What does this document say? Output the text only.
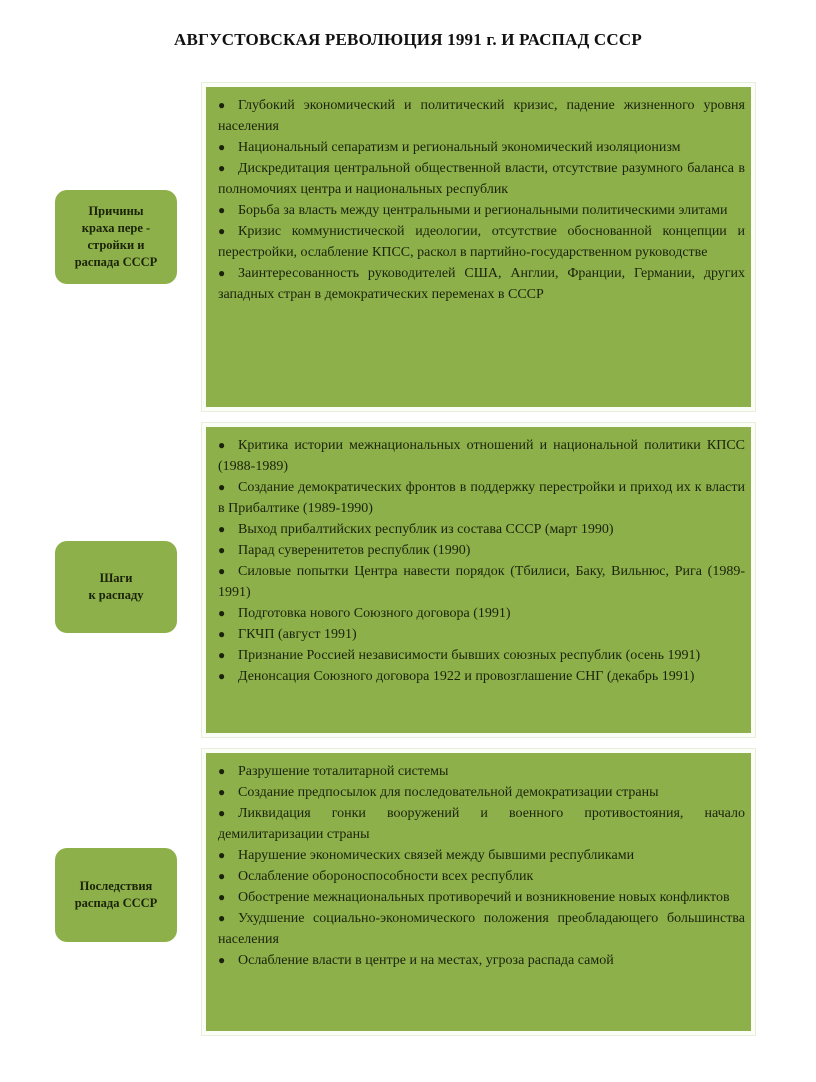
АВГУСТОВСКАЯ РЕВОЛЮЦИЯ 1991 г. И РАСПАД СССР
Причины
краха пере -
стройки и
распада СССР
● Глубокий экономический и политический кризис, падение жизненного уровня населения
● Национальный сепаратизм и региональный экономический изоляционизм
● Дискредитация центральной общественной власти, отсутствие разумного баланса в полномочиях центра и национальных республик
● Борьба за власть между центральными и региональными политическими элитами
● Кризис коммунистической идеологии, отсутствие обоснованной концепции и перестройки, ослабление КПСС, раскол в партийно-государственном руководстве
● Заинтересованность руководителей США, Англии, Франции, Германии, других западных стран в демократических переменах в СССР
Шаги
к распаду
● Критика истории межнациональных отношений и национальной политики КПСС (1988-1989)
● Создание демократических фронтов в поддержку перестройки и приход их к власти в Прибалтике (1989-1990)
● Выход прибалтийских республик из состава СССР (март 1990)
● Парад суверенитетов республик (1990)
● Силовые попытки Центра навести порядок (Тбилиси, Баку, Вильнюс, Рига (1989-1991)
● Подготовка нового Союзного договора (1991)
● ГКЧП (август 1991)
● Признание Россией независимости бывших союзных республик (осень 1991)
● Денонсация Союзного договора 1922 и провозглашение СНГ (декабрь 1991)
Последствия
распада СССР
● Разрушение тоталитарной системы
● Создание предпосылок для последовательной демократизации страны
● Ликвидация гонки вооружений и военного противостояния, начало демилитаризации страны
● Нарушение экономических связей между бывшими республиками
● Ослабление обороноспособности всех республик
● Обострение межнациональных противоречий и возникновение новых конфликтов
● Ухудшение социально-экономического положения преобладающего большинства населения
● Ослабление власти в центре и на местах, угроза распада самой
